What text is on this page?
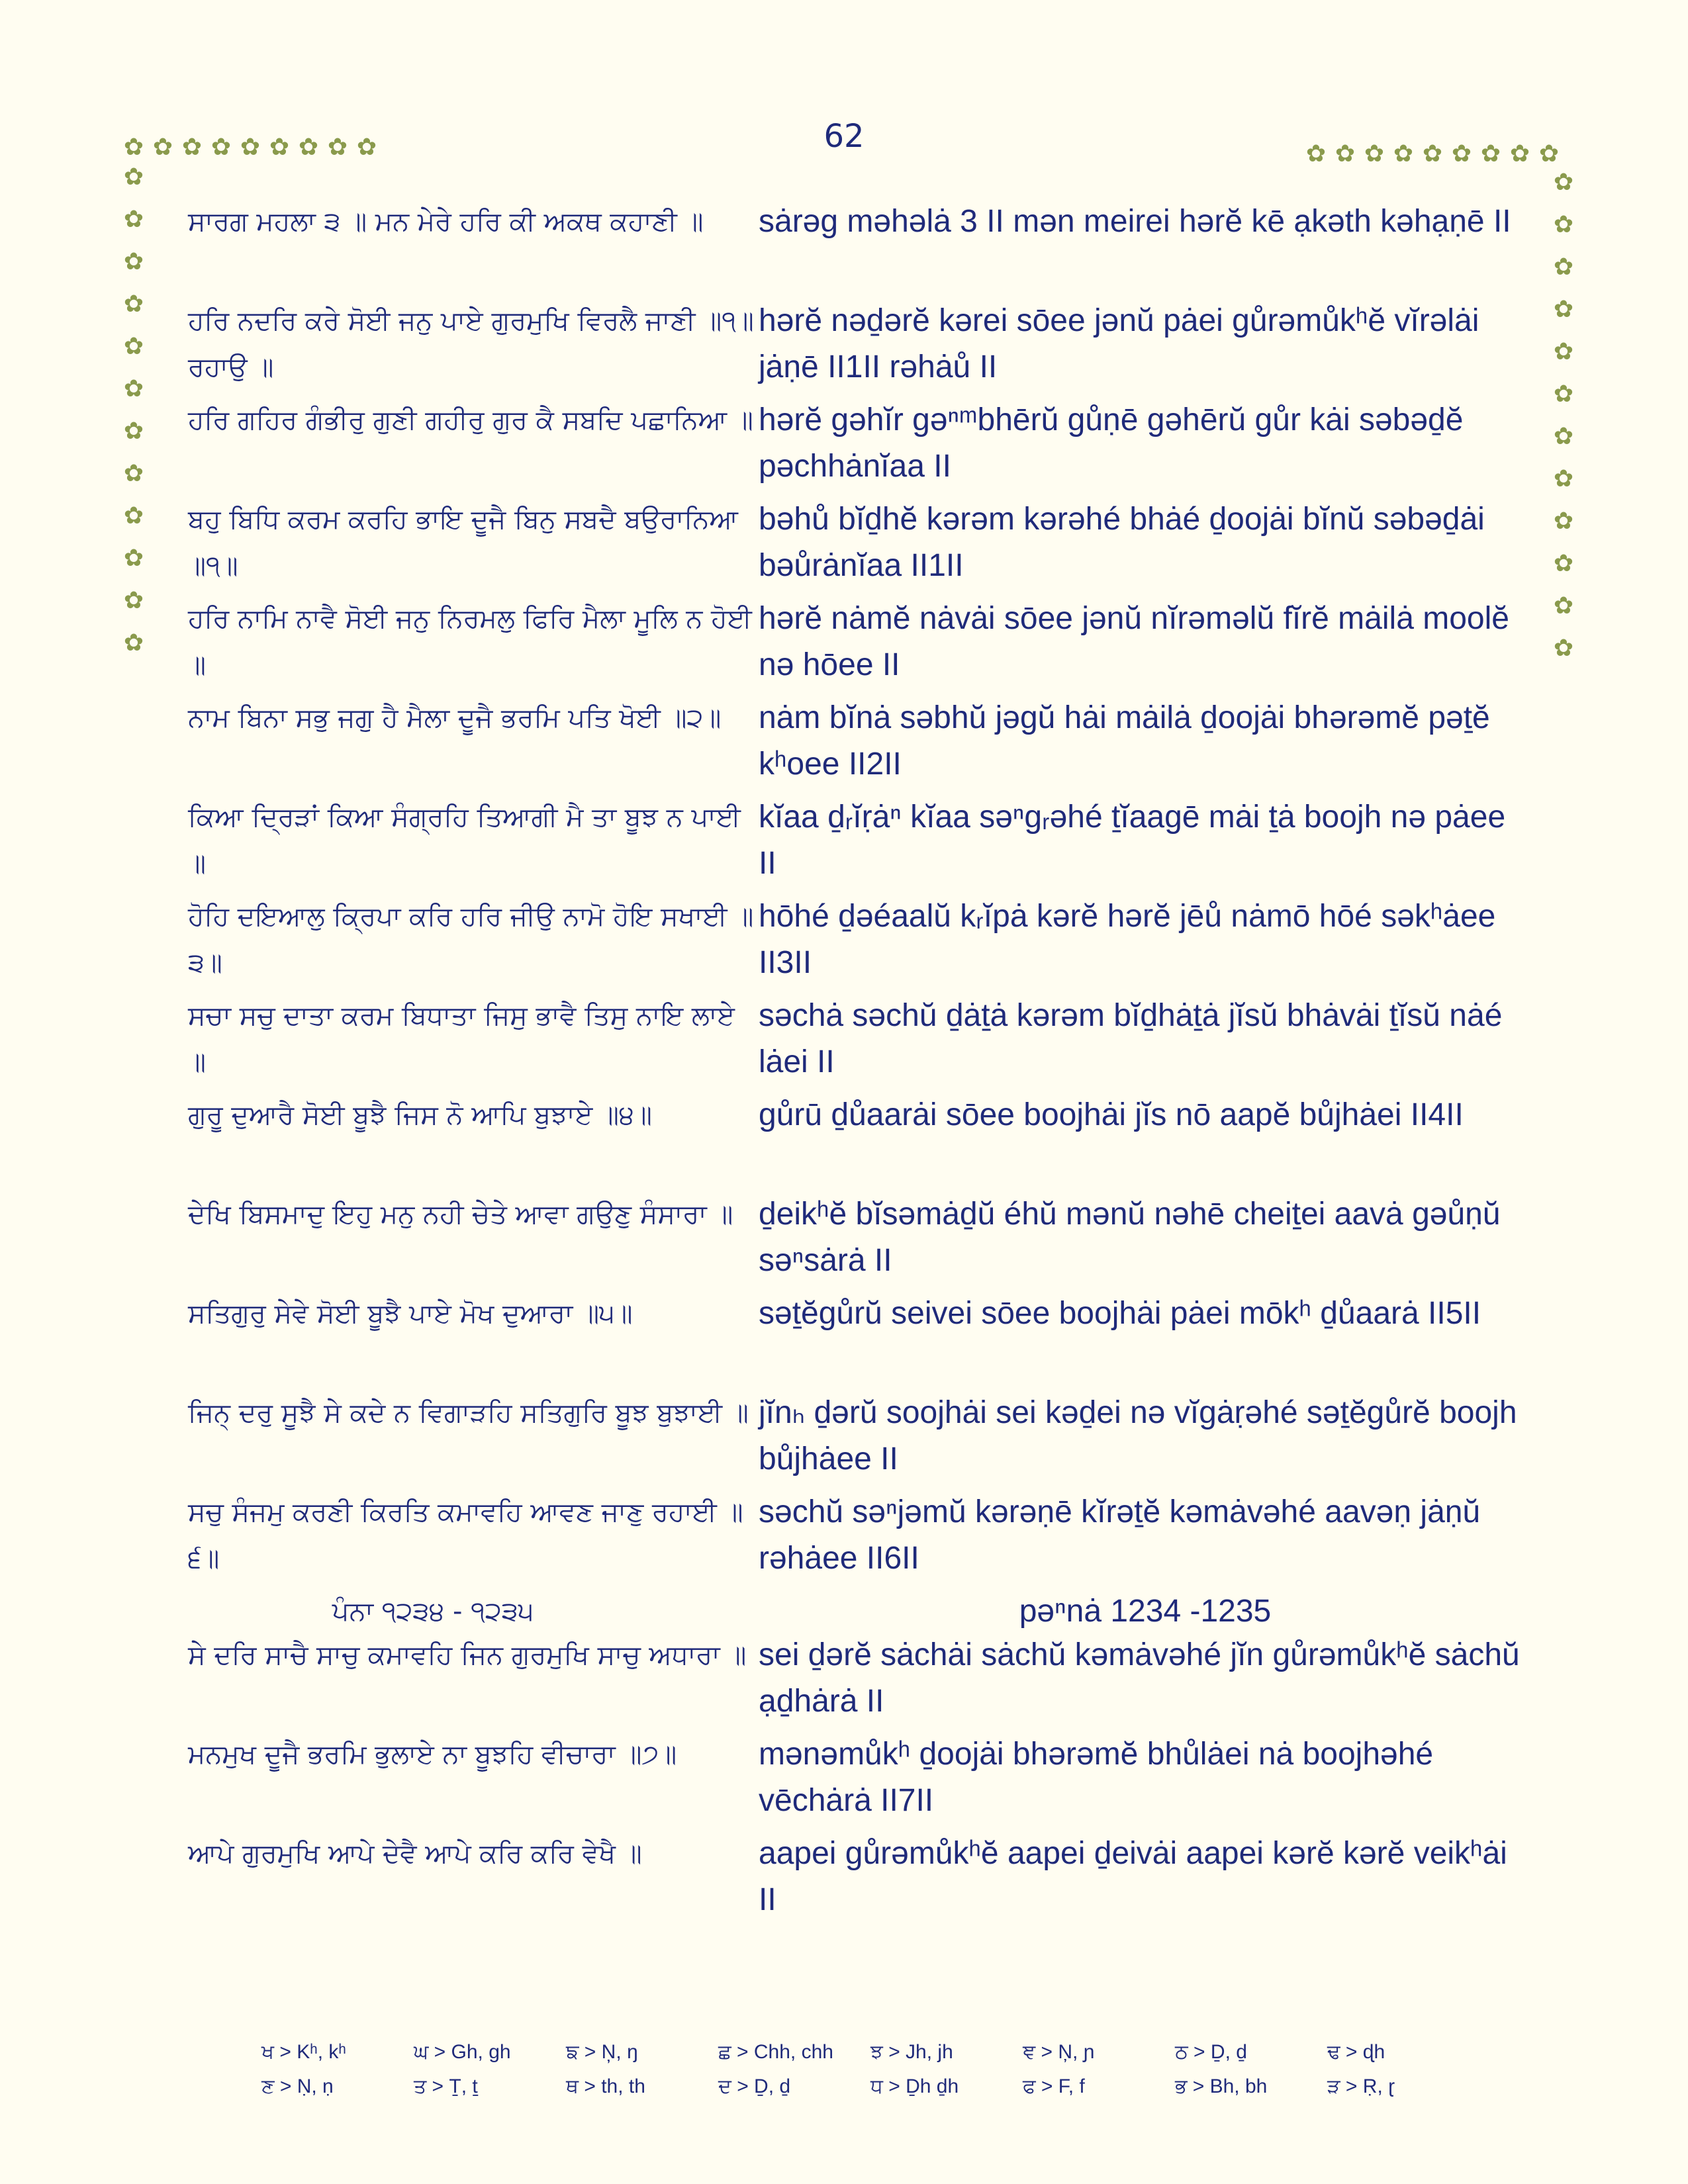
62
✿ ✿ ✿ ✿ ✿ ✿ ✿ ✿ ✿
✿
✿
✿
✿
✿
✿
✿
✿
✿
✿
✿
✿
✿ ✿ ✿ ✿ ✿ ✿ ✿ ✿ ✿
✿
✿
✿
✿
✿
✿
✿
✿
✿
✿
✿
✿
ਸਾਰਗ ਮਹਲਾ ੩ ॥ ਮਨ ਮੇਰੇ ਹਰਿ ਕੀ ਅਕਥ ਕਹਾਣੀ ॥	sȧrəg məhəlȧ 3 II mən meirei hərĕ kē ạkəth kəhạṇē II
ਹਰਿ ਨਦਰਿ ਕਰੇ ਸੋਈ ਜਨੁ ਪਾਏ ਗੁਰਮੁਖਿ ਵਿਰਲੈ ਜਾਣੀ ॥੧॥ ਰਹਾਉ ॥
hərĕ nəḏərĕ kərei sōee jənŭ pȧei gůrəmůkʰĕ vĭrəlȧi jȧṇē II1II rəhȧů II
ਹਰਿ ਗਹਿਰ ਗੰਭੀਰੁ ਗੁਣੀ ਗਹੀਰੁ ਗੁਰ ਕੈ ਸਬਦਿ ਪਛਾਨਿਆ ॥ hərĕ gəhĭr gəⁿᵐbhērŭ gůṇē gəhērŭ gůr kȧi səbəḏĕ pəchhȧnĭaa II
ਬਹੁ ਬਿਧਿ ਕਰਮ ਕਰਹਿ ਭਾਇ ਦੂਜੈ ਬਿਨੁ ਸਬਦੈ ਬਉਰਾਨਿਆ ॥੧॥
bəhů bĭḏhĕ kərəm kərəhé bhȧé ḏoojȧi bĭnŭ səbəḏȧi bəůrȧnĭaa II1II
ਹਰਿ ਨਾਮਿ ਨਾਵੈ ਸੋਈ ਜਨੁ ਨਿਰਮਲੁ ਫਿਰਿ ਮੈਲਾ ਮੂਲਿ ਨ ਹੋਈ ॥
hərĕ nȧmĕ nȧvȧi sōee jənŭ nĭrəməlŭ fĭrĕ mȧilȧ moolĕ nə hōee II
ਨਾਮ ਬਿਨਾ ਸਭੁ ਜਗੁ ਹੈ ਮੈਲਾ ਦੂਜੈ ਭਰਮਿ ਪਤਿ ਖੋਈ ॥੨॥	nȧm bĭnȧ səbhŭ jəgŭ hȧi mȧilȧ ḏoojȧi bhərəmĕ pəṯĕ kʰoee II2II
ਕਿਆ ਦ੍ਰਿੜਾਂ ਕਿਆ ਸੰਗ੍ਰਹਿ ਤਿਆਗੀ ਮੈ ਤਾ ਬੂਝ ਨ ਪਾਈ ॥
kĭaa ḏᵣĭṛȧⁿ kĭaa səⁿgᵣəhé ṯĭaagē mȧi ṯȧ boojh nə pȧee II
ਹੋਹਿ ਦਇਆਲੁ ਕ੍ਰਿਪਾ ਕਰਿ ਹਰਿ ਜੀਉ ਨਾਮੋ ਹੋਇ ਸਖਾਈ ॥੩॥
hōhé ḏəéaalŭ kᵣĭpȧ kərĕ hərĕ jēů nȧmō hōé səkʰȧee II3II
ਸਚਾ ਸਚੁ ਦਾਤਾ ਕਰਮ ਬਿਧਾਤਾ ਜਿਸੁ ਭਾਵੈ ਤਿਸੁ ਨਾਇ ਲਾਏ ॥
səchȧ səchŭ ḏȧṯȧ kərəm bĭḏhȧṯȧ jĭsŭ bhȧvȧi ṯĭsŭ nȧé lȧei II
ਗੁਰੂ ਦੁਆਰੈ ਸੋਈ ਬੂਝੈ ਜਿਸ ਨੋ ਆਪਿ ਬੁਝਾਏ ॥੪॥	gůrū ḏůaarȧi sōee boojhȧi jĭs nō aapĕ bůjhȧei II4II
ਦੇਖਿ ਬਿਸਮਾਦੁ ਇਹੁ ਮਨੁ ਨਹੀ ਚੇਤੇ ਆਵਾ ਗਉਣੁ ਸੰਸਾਰਾ ॥ ḏeikʰĕ bĭsəmȧḏŭ éhŭ mənŭ nəhē cheiṯei aavȧ gəůṇŭ səⁿsȧrȧ II
ਸਤਿਗੁਰੁ ਸੇਵੇ ਸੋਈ ਬੂਝੈ ਪਾਏ ਮੋਖ ਦੁਆਰਾ ॥੫॥	səṯĕgůrŭ seivei sōee boojhȧi pȧei mōkʰ ḏůaarȧ II5II
ਜਿਨ੍ ਦਰੁ ਸੂਝੈ ਸੇ ਕਦੇ ਨ ਵਿਗਾੜਹਿ ਸਤਿਗੁਰਿ ਬੂਝ ਬੁਝਾਈ ॥ jĭnₕ ḏərŭ soojhȧi sei kəḏei nə vĭgȧṛəhé səṯĕgůrĕ boojh bůjhȧee II
ਸਚੁ ਸੰਜਮੁ ਕਰਣੀ ਕਿਰਤਿ ਕਮਾਵਹਿ ਆਵਣ ਜਾਣੁ ਰਹਾਈ ॥੬॥
səchŭ səⁿjəmŭ kərəṇē kĭrəṯĕ kəmȧvəhé aavəṇ jȧṇŭ rəhȧee II6II
ਪੰਨਾ ੧੨੩੪ - ੧੨੩੫	pəⁿnȧ 1234 -1235
ਸੇ ਦਰਿ ਸਾਚੈ ਸਾਚੁ ਕਮਾਵਹਿ ਜਿਨ ਗੁਰਮੁਖਿ ਸਾਚੁ ਅਧਾਰਾ ॥ sei ḏərĕ sȧchȧi sȧchŭ kəmȧvəhé jĭn gůrəmůkʰĕ sȧchŭ ạḏhȧrȧ II
ਮਨਮੁਖ ਦੂਜੈ ਭਰਮਿ ਭੁਲਾਏ ਨਾ ਬੂਝਹਿ ਵੀਚਾਰਾ ॥੭॥	mənəmůkʰ ḏoojȧi bhərəmĕ bhůlȧei nȧ boojhəhé vēchȧrȧ II7II
ਆਪੇ ਗੁਰਮੁਖਿ ਆਪੇ ਦੇਵੈ ਆਪੇ ਕਰਿ ਕਰਿ ਵੇਖੈ ॥	aapei gůrəmůkʰĕ aapei ḏeivȧi aapei kərĕ kərĕ veikʰȧi II
ਖ > Kʰ, kʰ	ਘ > Gh, gh	ਙ > N̦, ŋ	ਛ > Chh, chh	ਝ > Jh, jh	ਞ > Ņ, ɲ	ਠ > Ḏ, ḏ	ਢ > ɖh
ਣ > Ṇ, ṇ	ਤ > Ṯ, ṯ	ਥ > th, th	ਦ > Ḏ, ḏ	ਧ > Ḏh ḏh	ਫ > F, f	ਭ > Bh, bh	ੜ > Ṛ, ɽ
